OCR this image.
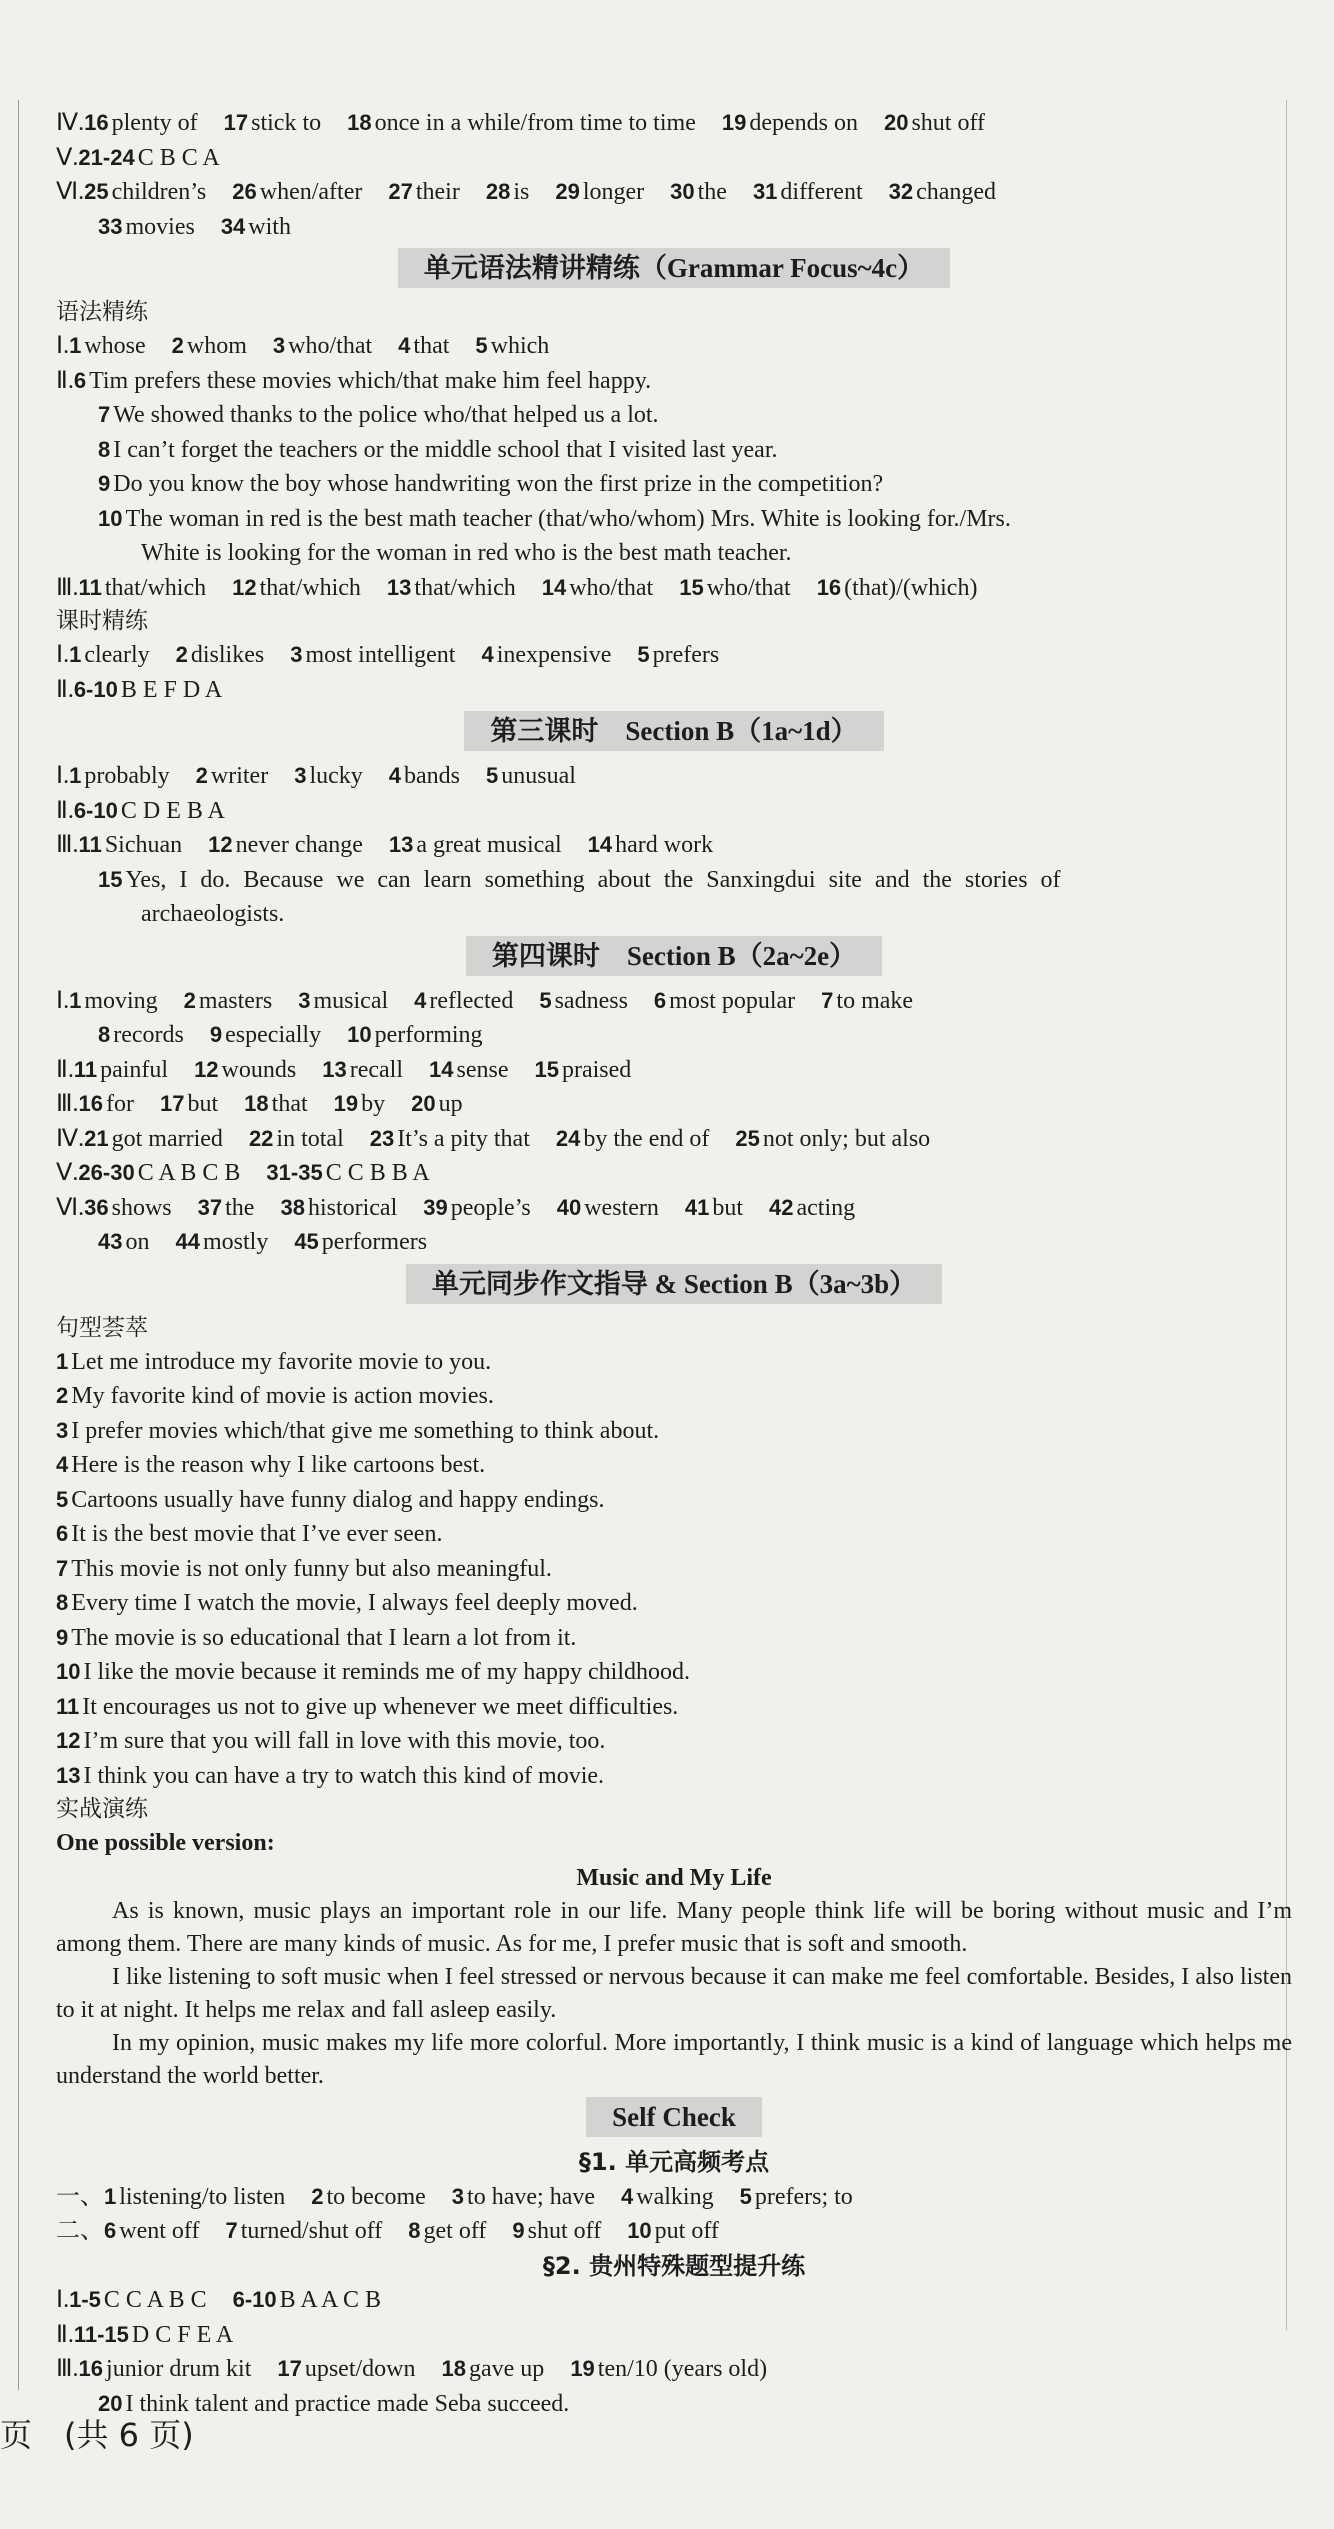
Ⅳ.16 plenty of 17 stick to 18 once in a while/from time to time 19 depends on 20 shut off
Ⅴ.21-24 C B C A
Ⅵ.25 children’s 26 when/after 27 their 28 is 29 longer 30 the 31 different 32 changed
33 movies 34 with
单元语法精讲精练（Grammar Focus~4c）
语法精练
Ⅰ.1 whose 2 whom 3 who/that 4 that 5 which
Ⅱ.6 Tim prefers these movies which/that make him feel happy.
7 We showed thanks to the police who/that helped us a lot.
8 I can’t forget the teachers or the middle school that I visited last year.
9 Do you know the boy whose handwriting won the first prize in the competition?
10 The woman in red is the best math teacher (that/who/whom) Mrs. White is looking for./Mrs.
White is looking for the woman in red who is the best math teacher.
Ⅲ.11 that/which 12 that/which 13 that/which 14 who/that 15 who/that 16 (that)/(which)
课时精练
Ⅰ.1 clearly 2 dislikes 3 most intelligent 4 inexpensive 5 prefers
Ⅱ.6-10 B E F D A
第三课时　Section B（1a~1d）
Ⅰ.1 probably 2 writer 3 lucky 4 bands 5 unusual
Ⅱ.6-10 C D E B A
Ⅲ.11 Sichuan 12 never change 13 a great musical 14 hard work
15 Yes, I do. Because we can learn something about the Sanxingdui site and the stories of
archaeologists.
第四课时　Section B（2a~2e）
Ⅰ.1 moving 2 masters 3 musical 4 reflected 5 sadness 6 most popular 7 to make
8 records 9 especially 10 performing
Ⅱ.11 painful 12 wounds 13 recall 14 sense 15 praised
Ⅲ.16 for 17 but 18 that 19 by 20 up
Ⅳ.21 got married 22 in total 23 It’s a pity that 24 by the end of 25 not only; but also
Ⅴ.26-30 C A B C B 31-35 C C B B A
Ⅵ.36 shows 37 the 38 historical 39 people’s 40 western 41 but 42 acting
43 on 44 mostly 45 performers
单元同步作文指导 & Section B（3a~3b）
句型荟萃
1 Let me introduce my favorite movie to you.
2 My favorite kind of movie is action movies.
3 I prefer movies which/that give me something to think about.
4 Here is the reason why I like cartoons best.
5 Cartoons usually have funny dialog and happy endings.
6 It is the best movie that I’ve ever seen.
7 This movie is not only funny but also meaningful.
8 Every time I watch the movie, I always feel deeply moved.
9 The movie is so educational that I learn a lot from it.
10 I like the movie because it reminds me of my happy childhood.
11 It encourages us not to give up whenever we meet difficulties.
12 I’m sure that you will fall in love with this movie, too.
13 I think you can have a try to watch this kind of movie.
实战演练
One possible version:
Music and My Life
As is known, music plays an important role in our life. Many people think life will be boring without music and I’m among them. There are many kinds of music. As for me, I prefer music that is soft and smooth.
I like listening to soft music when I feel stressed or nervous because it can make me feel comfortable. Besides, I also listen to it at night. It helps me relax and fall asleep easily.
In my opinion, music makes my life more colorful. More importantly, I think music is a kind of language which helps me understand the world better.
Self Check
§1. 单元高频考点
一、1 listening/to listen 2 to become 3 to have; have 4 walking 5 prefers; to
二、6 went off 7 turned/shut off 8 get off 9 shut off 10 put off
§2. 贵州特殊题型提升练
Ⅰ.1-5 C C A B C 6-10 B A A C B
Ⅱ.11-15 D C F E A
Ⅲ.16 junior drum kit 17 upset/down 18 gave up 19 ten/10 (years old)
20 I think talent and practice made Seba succeed.
页　(共 6 页)
